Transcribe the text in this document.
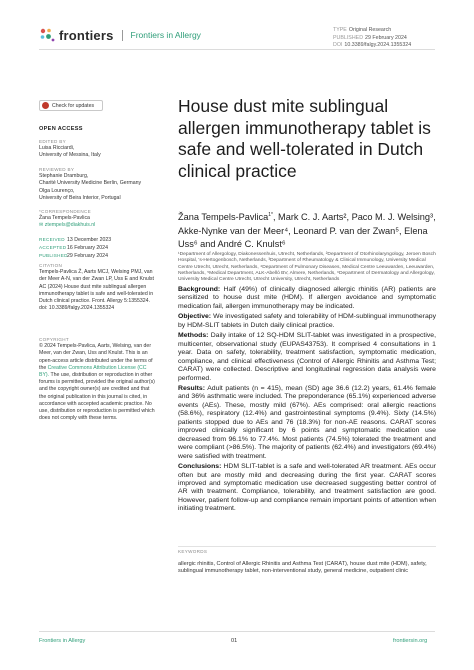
frontiers Frontiers in Allergy	TYPE Original Research
PUBLISHED 29 February 2024
DOI 10.3389/falgy.2024.1355324
Check for updates
OPEN ACCESS
EDITED BY
Luisa Ricciardi,
University of Messina, Italy
REVIEWED BY
Stephanie Dramburg,
Charité University Medicine Berlin, Germany
Olga Lourenço,
University of Beira Interior, Portugal
*CORRESPONDENCE
Žana Tempels-Pavlica
✉ ztempels@diakhuis.nl
RECEIVED 13 December 2023
ACCEPTED16 February 2024
PUBLISHED29 February 2024
CITATION
Tempels-Pavlica Ž, Aarts MCJ, Welsing PMJ, van der Meer A-N, van der Zwan LP, Uss E and Knulst AC (2024) House dust mite sublingual allergen immunotherapy tablet is safe and well-tolerated in Dutch clinical practice. Front. Allergy 5:1355324. doi: 10.3389/falgy.2024.1355324
COPYRIGHT
© 2024 Tempels-Pavlica, Aarts, Welsing, van der Meer, van der Zwan, Uss and Knulst. This is an open-access article distributed under the terms of the Creative Commons Attribution License (CC BY). The use, distribution or reproduction in other forums is permitted, provided the original author(s) and the copyright owner(s) are credited and that the original publication in this journal is cited, in accordance with accepted academic practice. No use, distribution or reproduction is permitted which does not comply with these terms.
House dust mite sublingual allergen immunotherapy tablet is safe and well-tolerated in Dutch clinical practice
Žana Tempels-Pavlica$^{1*}$, Mark C. J. Aarts², Paco M. J. Welsing³, Akke-Nynke van der Meer⁴, Leonard P. van der Zwan⁵, Elena Uss⁶ and André C. Knulst⁶
¹Department of Allergology, Diakonessenhuis, Utrecht, Netherlands, ²Department of Otorhinolaryngology, Jeroen Bosch Hospital, 's-Hertogenbosch, Netherlands, ³Department of Rheumatology & Clinical Immunology, University Medical Centre Utrecht, Utrecht, Netherlands, ⁴Department of Pulmonary Diseases, Medical Centre Leeuwarden, Leeuwarden, Netherlands, ⁵Medical Department, ALK-Abelló BV, Almere, Netherlands, ⁶Department of Dermatology and Allergology, University Medical Centre Utrecht, Utrecht University, Utrecht, Netherlands

Background: Half (49%) of clinically diagnosed allergic rhinitis (AR) patients are sensitized to house dust mite (HDM). If allergen avoidance and symptomatic medication fail, allergen immunotherapy may be indicated.

Objective: We investigated safety and tolerability of HDM-sublingual immunotherapy by HDM-SLIT tablets in Dutch daily clinical practice.

Methods: Daily intake of 12 SQ-HDM SLIT-tablet was investigated in a prospective, multicenter, observational study (EUPAS43753). It comprised 4 consultations in 1 year. Data on safety, tolerability, treatment satisfaction, symptomatic medication, compliance, and clinical effectiveness (Control of Allergic Rhinitis and Asthma Test; CARAT) were collected. Descriptive and longitudinal regression data analysis were performed.

Results: Adult patients (n = 415), mean (SD) age 36.6 (12.2) years, 61.4% female and 36% asthmatic were included. The preponderance (65.1%) experienced adverse events (AEs). These, mostly mild (67%). AEs comprised: oral allergic reactions (58.6%), respiratory (12.4%) and gastrointestinal symptoms (9.4%). Sixty (14.5%) patients stopped due to AEs and 76 (18.3%) for non-AE reasons. CARAT scores improved clinically significant by 6 points and symptomatic medication use decreased from 96.1% to 77.4%. Most patients (74.5%) tolerated the treatment and were compliant (>86.5%). The majority of patients (62.4%) and investigators (69.4%) were satisfied with treatment.

Conclusions: HDM SLIT-tablet is a safe and well-tolerated AR treatment. AEs occur often but are mostly mild and decreasing during the first year. CARAT scores improved and symptomatic medication use decreased suggesting better control of AR with treatment. Compliance, tolerability, and treatment satisfaction are good. However, patient follow-up and compliance remain important points of attention when initiating treatment.

KEYWORDS
allergic rhinitis, Control of Allergic Rhinitis and Asthma Test (CARAT), house dust mite (HDM), safety, sublingual immunotherapy tablet, non-interventional study, general medicine, outpatient clinic
Frontiers in Allergy	01	frontiersin.org
